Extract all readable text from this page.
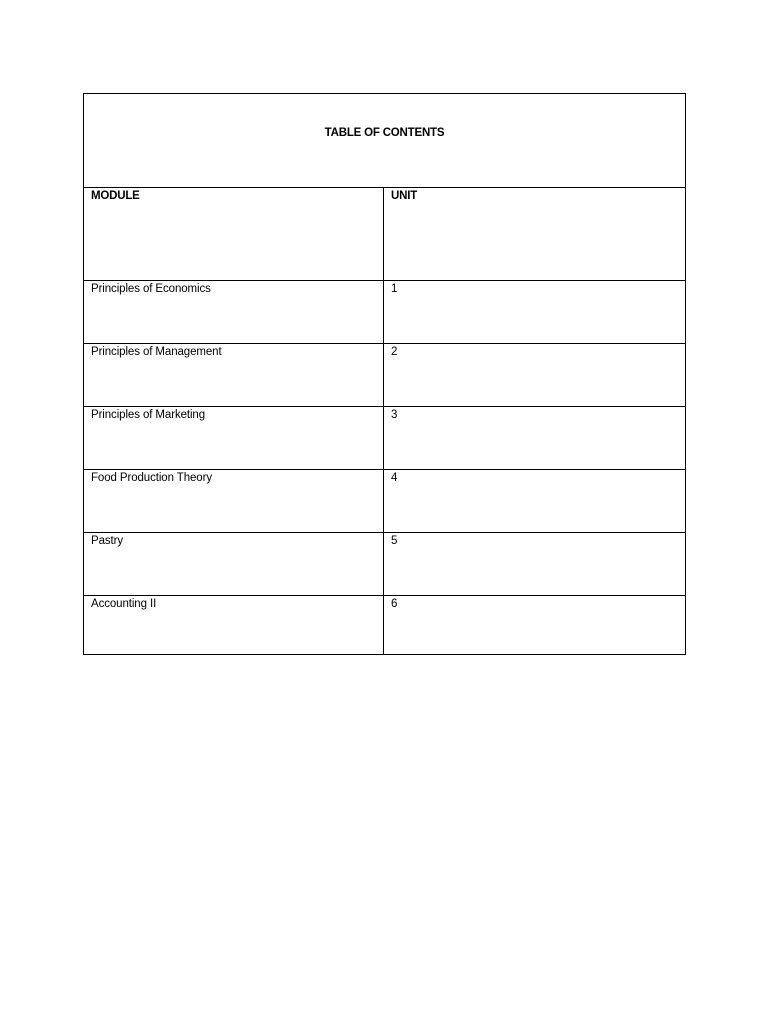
TABLE OF CONTENTS	

MODULE	UNIT

Principles of Economics	1

Principles of Management	2

Principles of Marketing	3

Food Production Theory	4

Pastry	5

Accounting II	6
